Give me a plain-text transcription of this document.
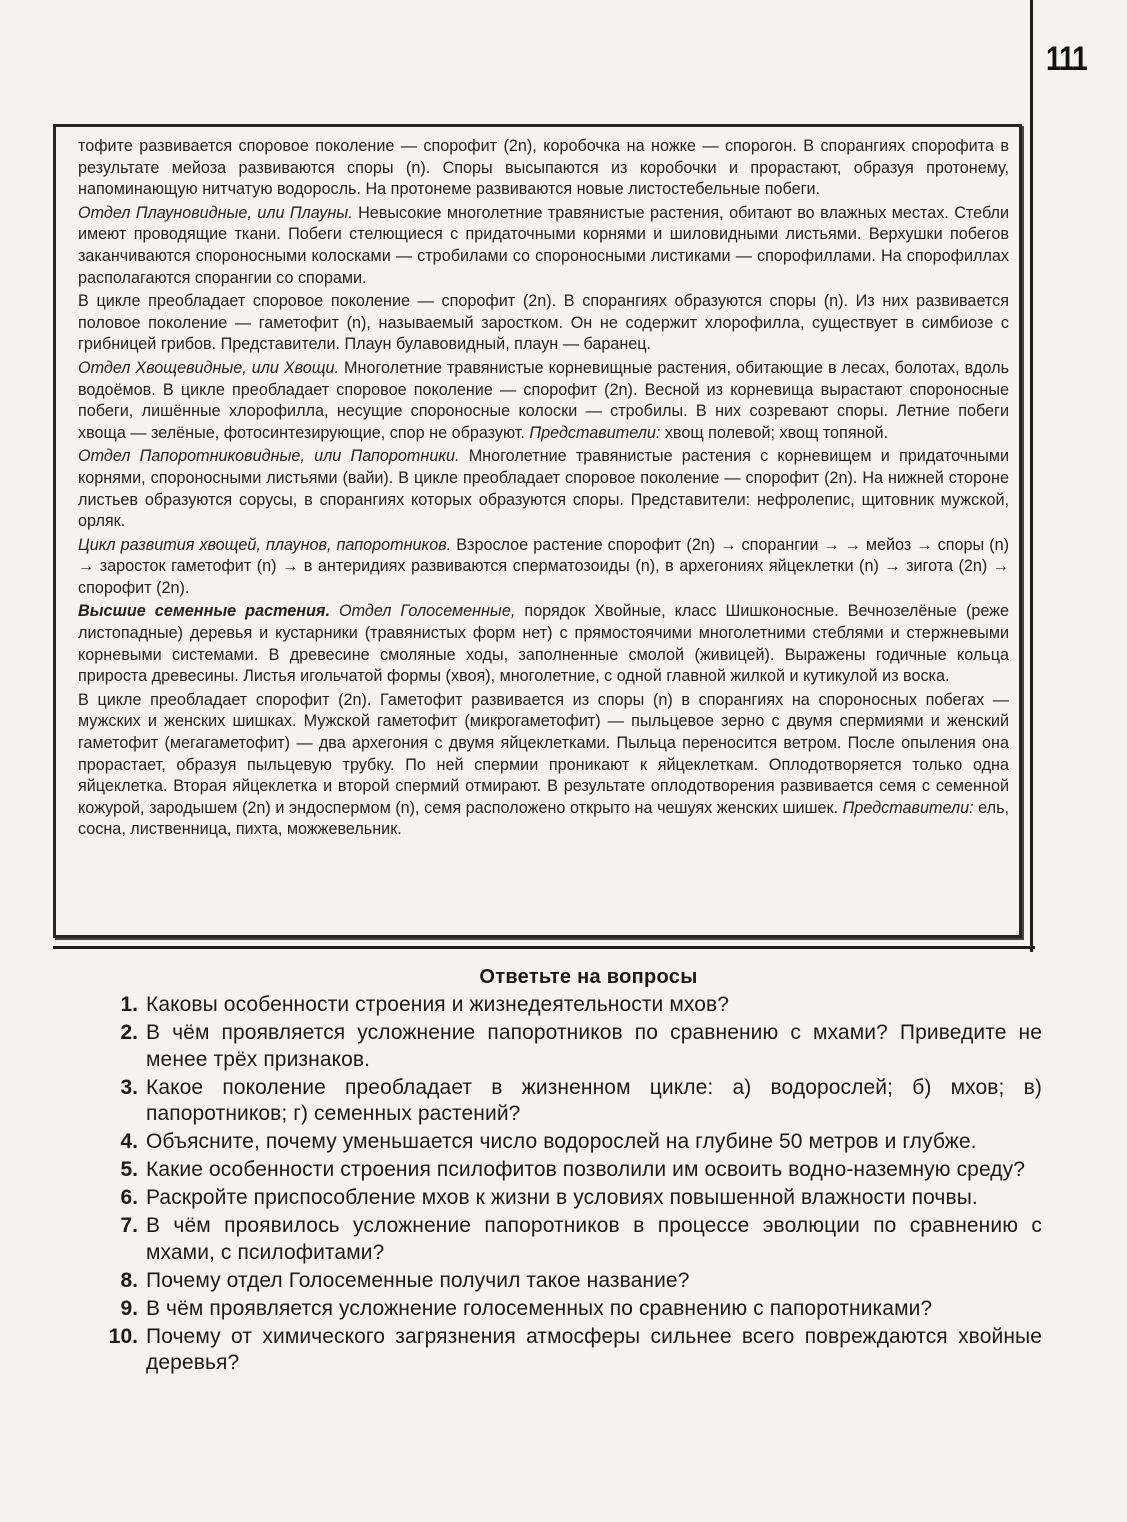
111

тофите развивается споровое поколение — спорофит (2n), коробочка на ножке — спорогон. В спорангиях спорофита в результате мейоза развиваются споры (n). Споры высыпаются из коробочки и прорастают, образуя протонему, напоминающую нитчатую водоросль. На протонеме развиваются новые листостебельные побеги.

Отдел Плауновидные, или Плауны. Невысокие многолетние травянистые растения, обитают во влажных местах. Стебли имеют проводящие ткани. Побеги стелющиеся с придаточными корнями и шиловидными листьями. Верхушки побегов заканчиваются спороносными колосками — стробилами со спороносными листиками — спорофиллами. На спорофиллах располагаются спорангии со спорами.

В цикле преобладает споровое поколение — спорофит (2n). В спорангиях образуются споры (n). Из них развивается половое поколение — гаметофит (n), называемый заростком. Он не содержит хлорофилла, существует в симбиозе с грибницей грибов. Представители. Плаун булавовидный, плаун — баранец.

Отдел Хвощевидные, или Хвощи. Многолетние травянистые корневищные растения, обитающие в лесах, болотах, вдоль водоёмов. В цикле преобладает споровое поколение — спорофит (2n). Весной из корневища вырастают спороносные побеги, лишённые хлорофилла, несущие спороносные колоски — стробилы. В них созревают споры. Летние побеги хвоща — зелёные, фотосинтезирующие, спор не образуют. Представители: хвощ полевой; хвощ топяной.

Отдел Папоротниковидные, или Папоротники. Многолетние травянистые растения с корневищем и придаточными корнями, спороносными листьями (вайи). В цикле преобладает споровое поколение — спорофит (2n). На нижней стороне листьев образуются сорусы, в спорангиях которых образуются споры. Представители: нефролепис, щитовник мужской, орляк.

Цикл развития хвощей, плаунов, папоротников. Взрослое растение спорофит (2n) → спорангии → → мейоз → споры (n) → заросток гаметофит (n) → в антеридиях развиваются сперматозоиды (n), в архегониях яйцеклетки (n) → зигота (2n) → спорофит (2n).

Высшие семенные растения. Отдел Голосеменные, порядок Хвойные, класс Шишконосные. Вечнозелёные (реже листопадные) деревья и кустарники (травянистых форм нет) с прямостоячими многолетними стеблями и стержневыми корневыми системами. В древесине смоляные ходы, заполненные смолой (живицей). Выражены годичные кольца прироста древесины. Листья игольчатой формы (хвоя), многолетние, с одной главной жилкой и кутикулой из воска.

В цикле преобладает спорофит (2n). Гаметофит развивается из споры (n) в спорангиях на спороносных побегах — мужских и женских шишках. Мужской гаметофит (микрогаметофит) — пыльцевое зерно с двумя спермиями и женский гаметофит (мегагаметофит) — два архегония с двумя яйцеклетками. Пыльца переносится ветром. После опыления она прорастает, образуя пыльцевую трубку. По ней спермии проникают к яйцеклеткам. Оплодотворяется только одна яйцеклетка. Вторая яйцеклетка и второй спермий отмирают. В результате оплодотворения развивается семя с семенной кожурой, зародышем (2n) и эндоспермом (n), семя расположено открыто на чешуях женских шишек. Представители: ель, сосна, лиственница, пихта, можжевельник.

Ответьте на вопросы
1. Каковы особенности строения и жизнедеятельности мхов?
2. В чём проявляется усложнение папоротников по сравнению с мхами? Приведите не менее трёх признаков.
3. Какое поколение преобладает в жизненном цикле: а) водорослей; б) мхов; в) папоротников; г) семенных растений?
4. Объясните, почему уменьшается число водорослей на глубине 50 метров и глубже.
5. Какие особенности строения псилофитов позволили им освоить водно-наземную среду?
6. Раскройте приспособление мхов к жизни в условиях повышенной влажности почвы.
7. В чём проявилось усложнение папоротников в процессе эволюции по сравнению с мхами, с псилофитами?
8. Почему отдел Голосеменные получил такое название?
9. В чём проявляется усложнение голосеменных по сравнению с папоротниками?
10. Почему от химического загрязнения атмосферы сильнее всего повреждаются хвойные деревья?
